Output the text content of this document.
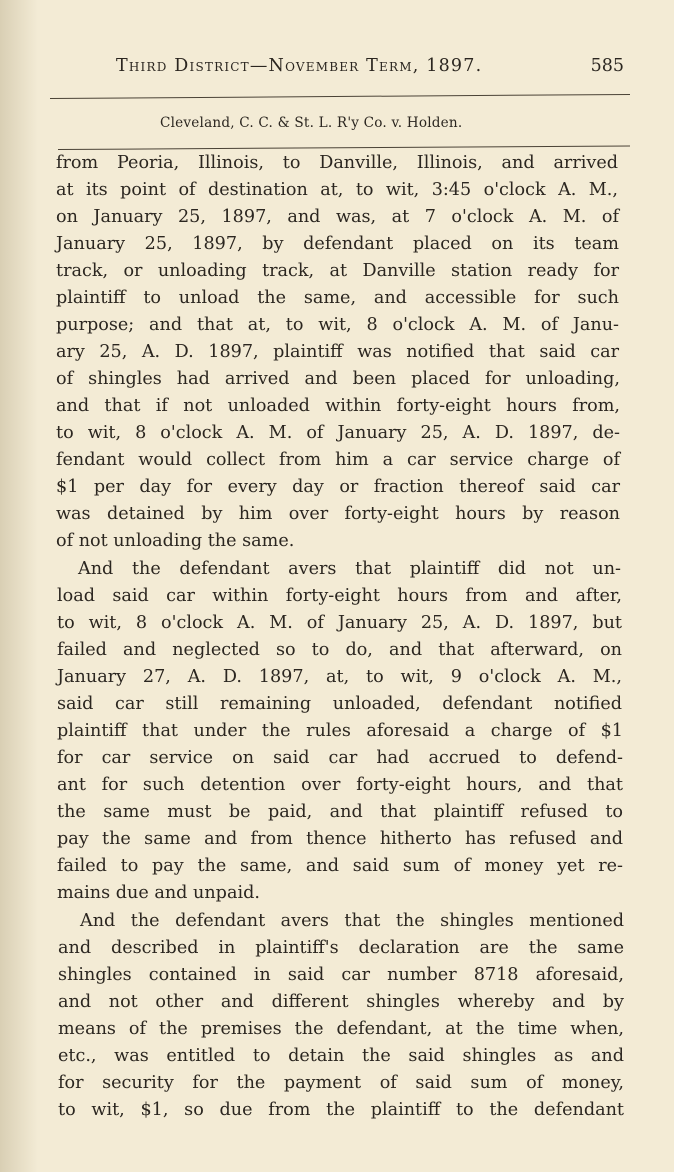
Third District—November Term, 1897.	585
Cleveland, C. C. & St. L. R'y Co. v. Holden.
from Peoria, Illinois, to Danville, Illinois, and arrived
at its point of destination at, to wit, 3:45 o'clock A. M.,
on January 25, 1897, and was, at 7 o'clock A. M. of
January 25, 1897, by defendant placed on its team
track, or unloading track, at Danville station ready for
plaintiff to unload the same, and accessible for such
purpose; and that at, to wit, 8 o'clock A. M. of Janu-
ary 25, A. D. 1897, plaintiff was notified that said car
of shingles had arrived and been placed for unloading,
and that if not unloaded within forty-eight hours from,
to wit, 8 o'clock A. M. of January 25, A. D. 1897, de-
fendant would collect from him a car service charge of
$1 per day for every day or fraction thereof said car
was detained by him over forty-eight hours by reason
of not unloading the same.
And the defendant avers that plaintiff did not un-
load said car within forty-eight hours from and after,
to wit, 8 o'clock A. M. of January 25, A. D. 1897, but
failed and neglected so to do, and that afterward, on
January 27, A. D. 1897, at, to wit, 9 o'clock A. M.,
said car still remaining unloaded, defendant notified
plaintiff that under the rules aforesaid a charge of $1
for car service on said car had accrued to defend-
ant for such detention over forty-eight hours, and that
the same must be paid, and that plaintiff refused to
pay the same and from thence hitherto has refused and
failed to pay the same, and said sum of money yet re-
mains due and unpaid.
And the defendant avers that the shingles mentioned
and described in plaintiff's declaration are the same
shingles contained in said car number 8718 aforesaid,
and not other and different shingles whereby and by
means of the premises the defendant, at the time when,
etc., was entitled to detain the said shingles as and
for security for the payment of said sum of money,
to wit, $1, so due from the plaintiff to the defendant
